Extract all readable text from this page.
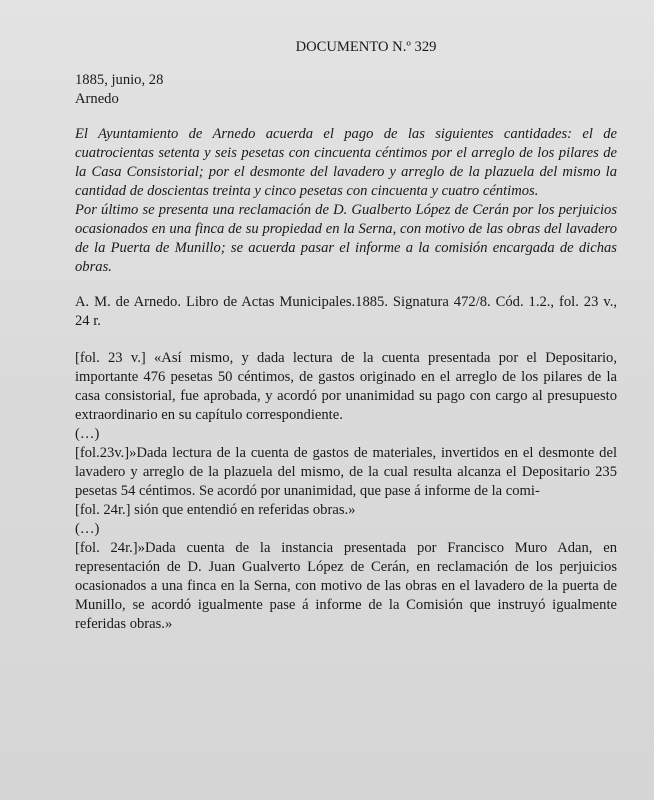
DOCUMENTO N.º 329

1885, junio, 28

Arnedo

El Ayuntamiento de Arnedo acuerda el pago de las siguientes cantidades: el de cuatrocientas setenta y seis pesetas con cincuenta céntimos por el arreglo de los pilares de la Casa Consistorial; por el desmonte del lavadero y arreglo de la plazuela del mismo la cantidad de doscientas treinta y cinco pesetas con cincuenta y cuatro céntimos.

Por último se presenta una reclamación de D. Gualberto López de Cerán por los perjuicios ocasionados en una finca de su propiedad en la Serna, con motivo de las obras del lavadero de la Puerta de Munillo; se acuerda pasar el informe a la comisión encargada de dichas obras.

A. M. de Arnedo. Libro de Actas Municipales.1885. Signatura 472/8. Cód. 1.2., fol. 23 v., 24 r.

[fol. 23 v.] «Así mismo, y dada lectura de la cuenta presentada por el Depositario, importante 476 pesetas 50 céntimos, de gastos originado en el arreglo de los pilares de la casa consistorial, fue aprobada, y acordó por unanimidad su pago con cargo al presupuesto extraordinario en su capítulo correspondiente.

(…)

[fol.23v.]»Dada lectura de la cuenta de gastos de materiales, invertidos en el desmonte del lavadero y arreglo de la plazuela del mismo, de la cual resulta alcanza el Depositario 235 pesetas 54 céntimos. Se acordó por unanimidad, que pase á informe de la comi-

[fol. 24r.] sión que entendió en referidas obras.»

(…)

[fol. 24r.]»Dada cuenta de la instancia presentada por Francisco Muro Adan, en representación de D. Juan Gualverto López de Cerán, en reclamación de los perjuicios ocasionados a una finca en la Serna, con motivo de las obras en el lavadero de la puerta de Munillo, se acordó igualmente pase á informe de la Comisión que instruyó igualmente referidas obras.»
